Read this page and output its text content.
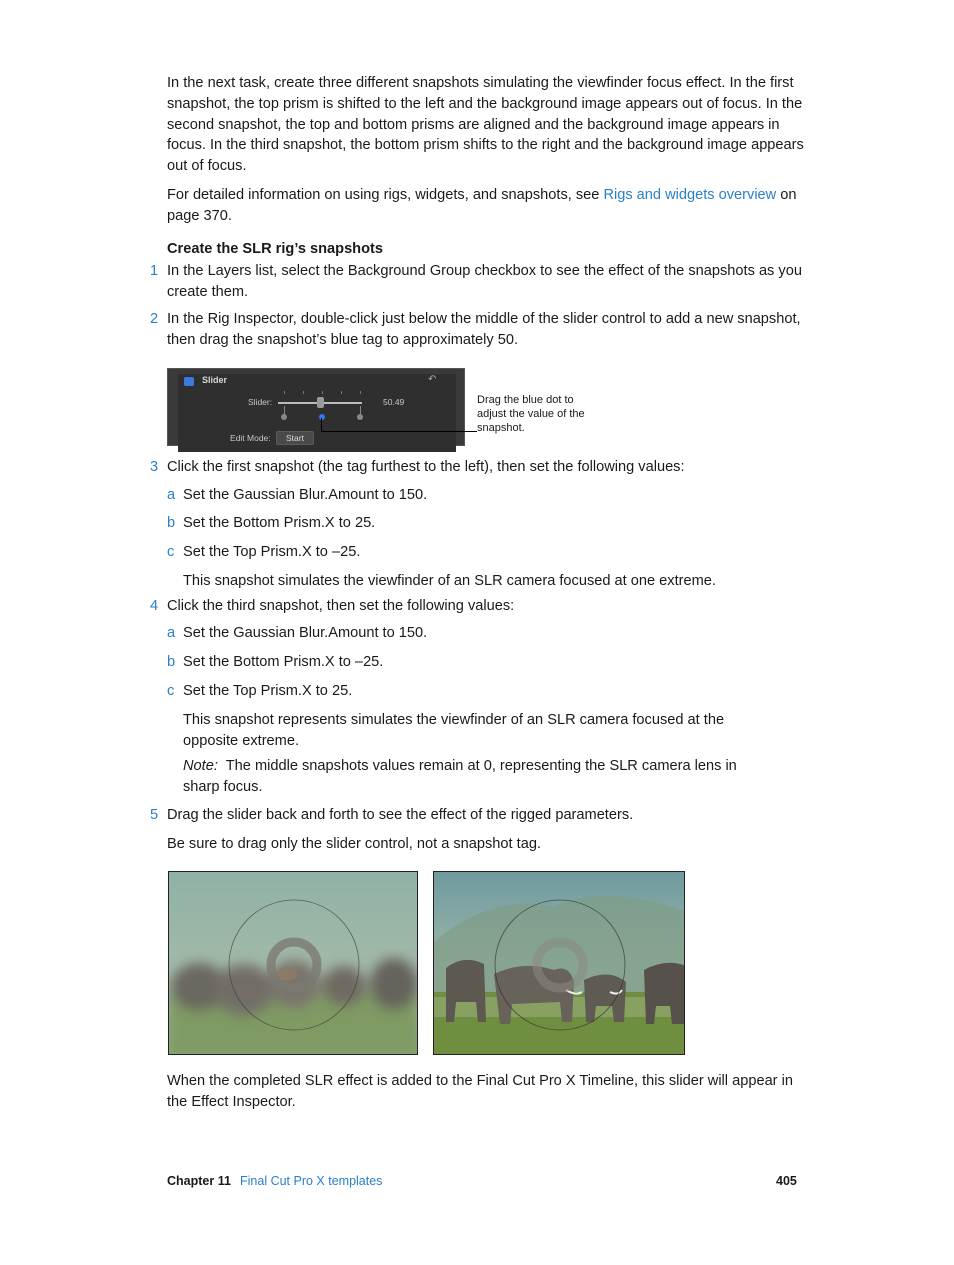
In the next task, create three different snapshots simulating the viewfinder focus effect. In the first snapshot, the top prism is shifted to the left and the background image appears out of focus. In the second snapshot, the top and bottom prisms are aligned and the background image appears in focus. In the third snapshot, the bottom prism shifts to the right and the background image appears out of focus.

For detailed information on using rigs, widgets, and snapshots, see Rigs and widgets overview on page 370.

Create the SLR rig’s snapshots

1 In the Layers list, select the Background Group checkbox to see the effect of the snapshots as you create them.

2 In the Rig Inspector, double-click just below the middle of the slider control to add a new snapshot, then drag the snapshot’s blue tag to approximately 50.

Slider	↶
Slider:	50.49
Edit Mode:	Start
Drag the blue dot to adjust the value of the snapshot.
3 Click the first snapshot (the tag furthest to the left), then set the following values:

a Set the Gaussian Blur.Amount to 150.

b Set the Bottom Prism.X to 25.

c Set the Top Prism.X to –25.

This snapshot simulates the viewfinder of an SLR camera focused at one extreme.

4 Click the third snapshot, then set the following values:

a Set the Gaussian Blur.Amount to 150.

b Set the Bottom Prism.X to –25.

c Set the Top Prism.X to 25.

This snapshot represents simulates the viewfinder of an SLR camera focused at the opposite extreme.

Note: The middle snapshots values remain at 0, representing the SLR camera lens in sharp focus.

5 Drag the slider back and forth to see the effect of the rigged parameters.

Be sure to drag only the slider control, not a snapshot tag.

When the completed SLR effect is added to the Final Cut Pro X Timeline, this slider will appear in the Effect Inspector.

Chapter 11 Final Cut Pro X templates	405
